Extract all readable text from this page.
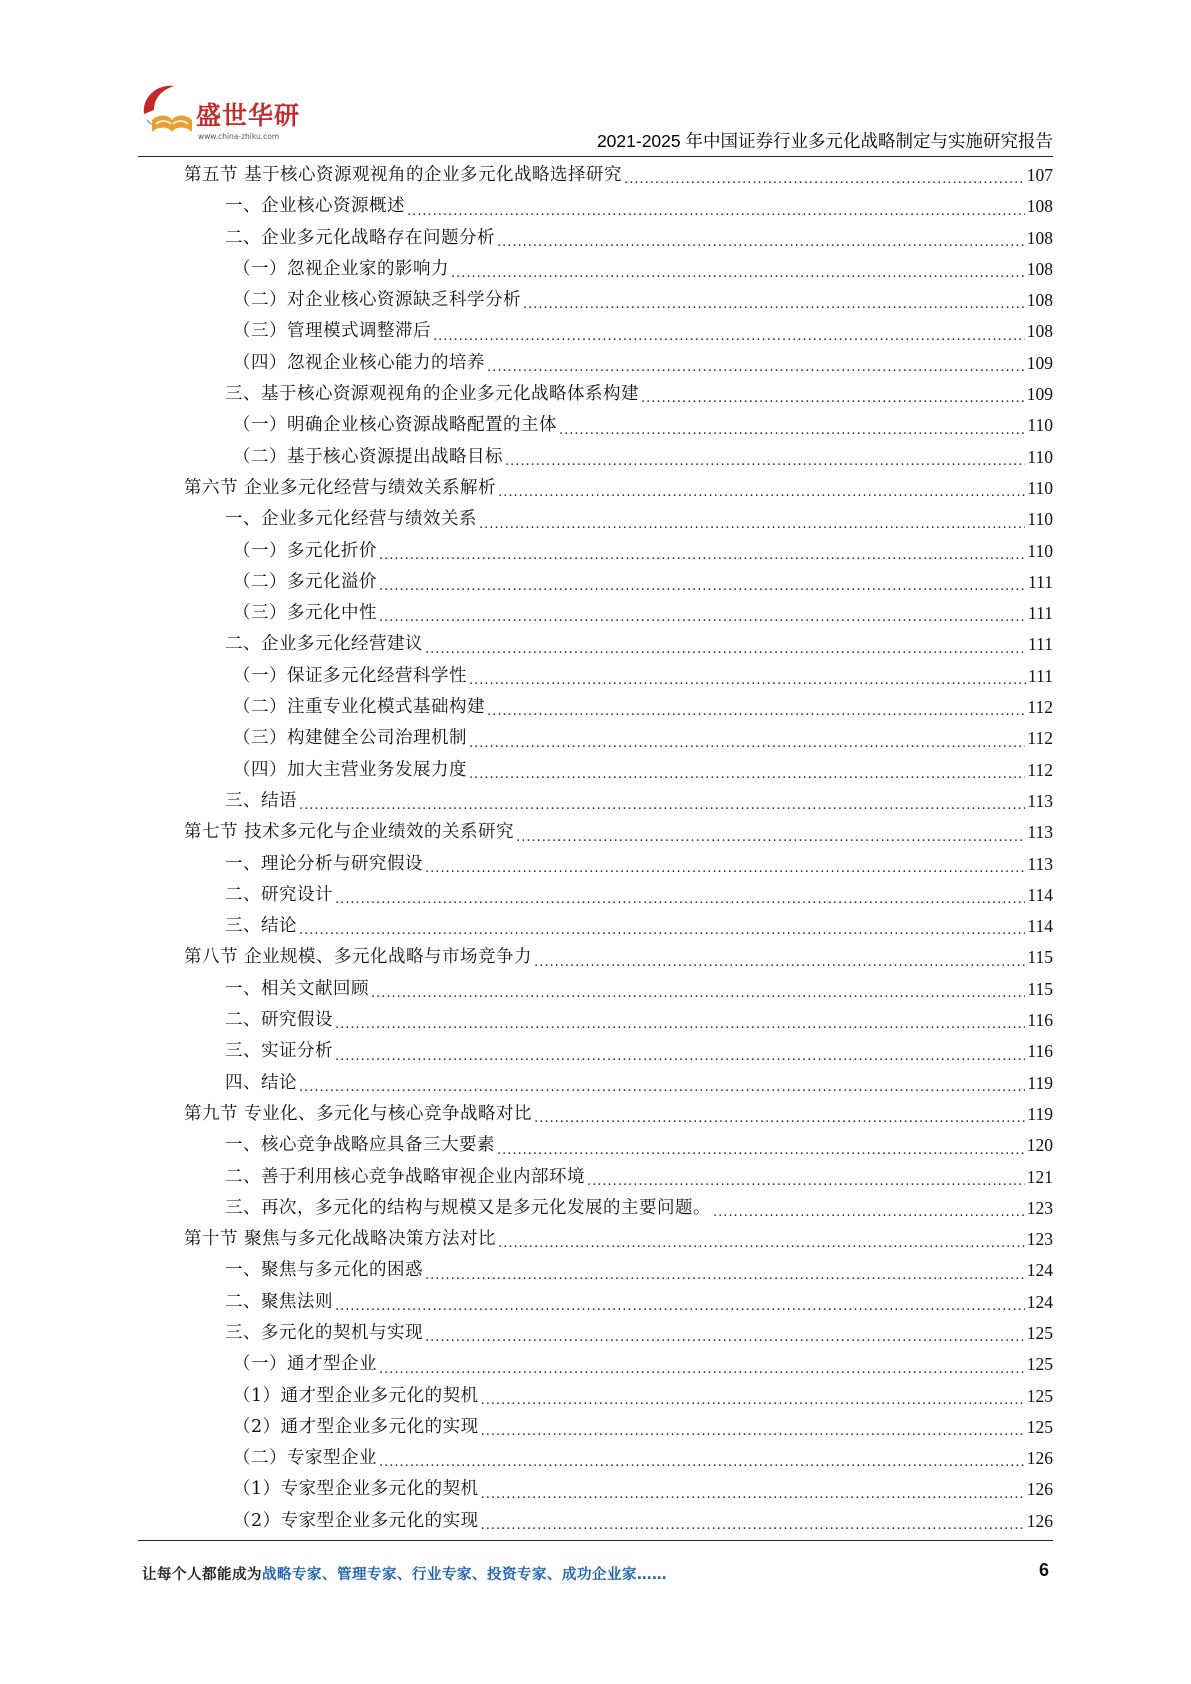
盛世华研
www.china-zhiku.com	2021-2025 年中国证券行业多元化战略制定与实施研究报告
第五节 基于核心资源观视角的企业多元化战略选择研究 .....	107
一、企业核心资源概述 .....	108
二、企业多元化战略存在问题分析 .....	108
（一）忽视企业家的影响力 .....	108
（二）对企业核心资源缺乏科学分析 .....	108
（三）管理模式调整滞后 .....	108
（四）忽视企业核心能力的培养 .....	109
三、基于核心资源观视角的企业多元化战略体系构建 .....	109
（一）明确企业核心资源战略配置的主体 .....	110
（二）基于核心资源提出战略目标 .....	110
第六节 企业多元化经营与绩效关系解析 .....	110
一、企业多元化经营与绩效关系 .....	110
（一）多元化折价 .....	110
（二）多元化溢价 .....	111
（三）多元化中性 .....	111
二、企业多元化经营建议 .....	111
（一）保证多元化经营科学性 .....	111
（二）注重专业化模式基础构建 .....	112
（三）构建健全公司治理机制 .....	112
（四）加大主营业务发展力度 .....	112
三、结语 .....	113
第七节 技术多元化与企业绩效的关系研究 .....	113
一、理论分析与研究假设 .....	113
二、研究设计 .....	114
三、结论 .....	114
第八节 企业规模、多元化战略与市场竞争力 .....	115
一、相关文献回顾 .....	115
二、研究假设 .....	116
三、实证分析 .....	116
四、结论 .....	119
第九节 专业化、多元化与核心竞争战略对比 .....	119
一、核心竞争战略应具备三大要素 .....	120
二、善于利用核心竞争战略审视企业内部环境 .....	121
三、再次，多元化的结构与规模又是多元化发展的主要问题。 .....	123
第十节 聚焦与多元化战略决策方法对比 .....	123
一、聚焦与多元化的困惑 .....	124
二、聚焦法则 .....	124
三、多元化的契机与实现 .....	125
（一）通才型企业 .....	125
（1）通才型企业多元化的契机 .....	125
（2）通才型企业多元化的实现 .....	125
（二）专家型企业 .....	126
（1）专家型企业多元化的契机 .....	126
（2）专家型企业多元化的实现 .....	126
让每个人都能成为战略专家、管理专家、行业专家、投资专家、成功企业家……	6
